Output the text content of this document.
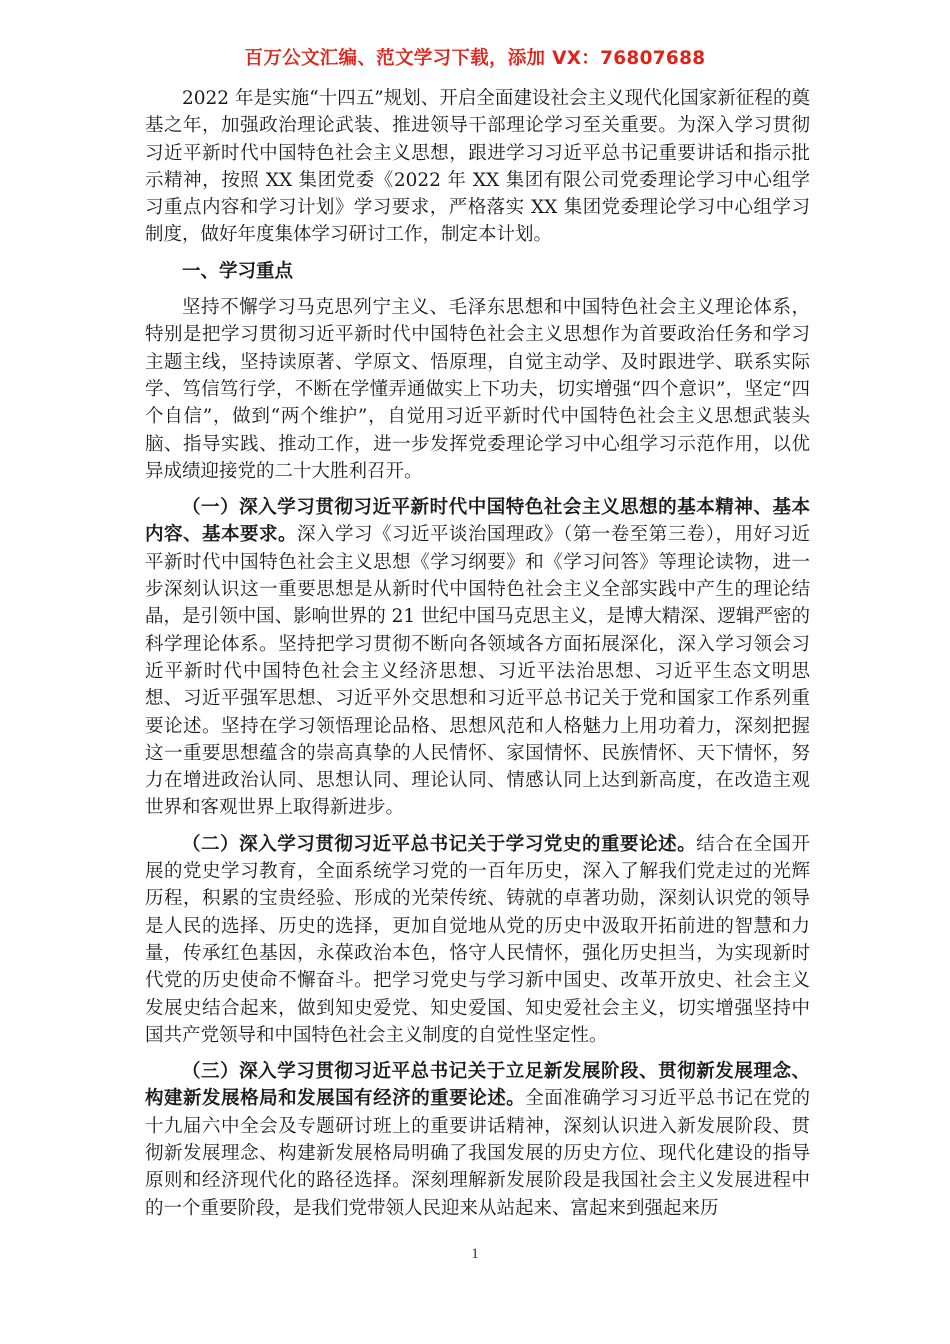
百万公文汇编、范文学习下载，添加 VX：76807688

2022 年是实施“十四五”规划、开启全面建设社会主义现代化国家新征程的奠基之年，加强政治理论武装、推进领导干部理论学习至关重要。为深入学习贯彻习近平新时代中国特色社会主义思想，跟进学习习近平总书记重要讲话和指示批示精神，按照 XX 集团党委《2022 年 XX 集团有限公司党委理论学习中心组学习重点内容和学习计划》学习要求，严格落实 XX 集团党委理论学习中心组学习制度，做好年度集体学习研讨工作，制定本计划。

一、学习重点

坚持不懈学习马克思列宁主义、毛泽东思想和中国特色社会主义理论体系，特别是把学习贯彻习近平新时代中国特色社会主义思想作为首要政治任务和学习主题主线，坚持读原著、学原文、悟原理，自觉主动学、及时跟进学、联系实际学、笃信笃行学，不断在学懂弄通做实上下功夫，切实增强“四个意识”，坚定“四个自信”，做到“两个维护”，自觉用习近平新时代中国特色社会主义思想武装头脑、指导实践、推动工作，进一步发挥党委理论学习中心组学习示范作用，以优异成绩迎接党的二十大胜利召开。

（一）深入学习贯彻习近平新时代中国特色社会主义思想的基本精神、基本内容、基本要求。深入学习《习近平谈治国理政》（第一卷至第三卷），用好习近平新时代中国特色社会主义思想《学习纲要》和《学习问答》等理论读物，进一步深刻认识这一重要思想是从新时代中国特色社会主义全部实践中产生的理论结晶，是引领中国、影响世界的 21 世纪中国马克思主义，是博大精深、逻辑严密的科学理论体系。坚持把学习贯彻不断向各领域各方面拓展深化，深入学习领会习近平新时代中国特色社会主义经济思想、习近平法治思想、习近平生态文明思想、习近平强军思想、习近平外交思想和习近平总书记关于党和国家工作系列重要论述。坚持在学习领悟理论品格、思想风范和人格魅力上用功着力，深刻把握这一重要思想蕴含的崇高真挚的人民情怀、家国情怀、民族情怀、天下情怀，努力在增进政治认同、思想认同、理论认同、情感认同上达到新高度，在改造主观世界和客观世界上取得新进步。

（二）深入学习贯彻习近平总书记关于学习党史的重要论述。结合在全国开展的党史学习教育，全面系统学习党的一百年历史，深入了解我们党走过的光辉历程，积累的宝贵经验、形成的光荣传统、铸就的卓著功勋，深刻认识党的领导是人民的选择、历史的选择，更加自觉地从党的历史中汲取开拓前进的智慧和力量，传承红色基因，永葆政治本色，恪守人民情怀，强化历史担当，为实现新时代党的历史使命不懈奋斗。把学习党史与学习新中国史、改革开放史、社会主义发展史结合起来，做到知史爱党、知史爱国、知史爱社会主义，切实增强坚持中国共产党领导和中国特色社会主义制度的自觉性坚定性。

（三）深入学习贯彻习近平总书记关于立足新发展阶段、贯彻新发展理念、构建新发展格局和发展国有经济的重要论述。全面准确学习习近平总书记在党的十九届六中全会及专题研讨班上的重要讲话精神，深刻认识进入新发展阶段、贯彻新发展理念、构建新发展格局明确了我国发展的历史方位、现代化建设的指导原则和经济现代化的路径选择。深刻理解新发展阶段是我国社会主义发展进程中的一个重要阶段，是我们党带领人民迎来从站起来、富起来到强起来历

1
